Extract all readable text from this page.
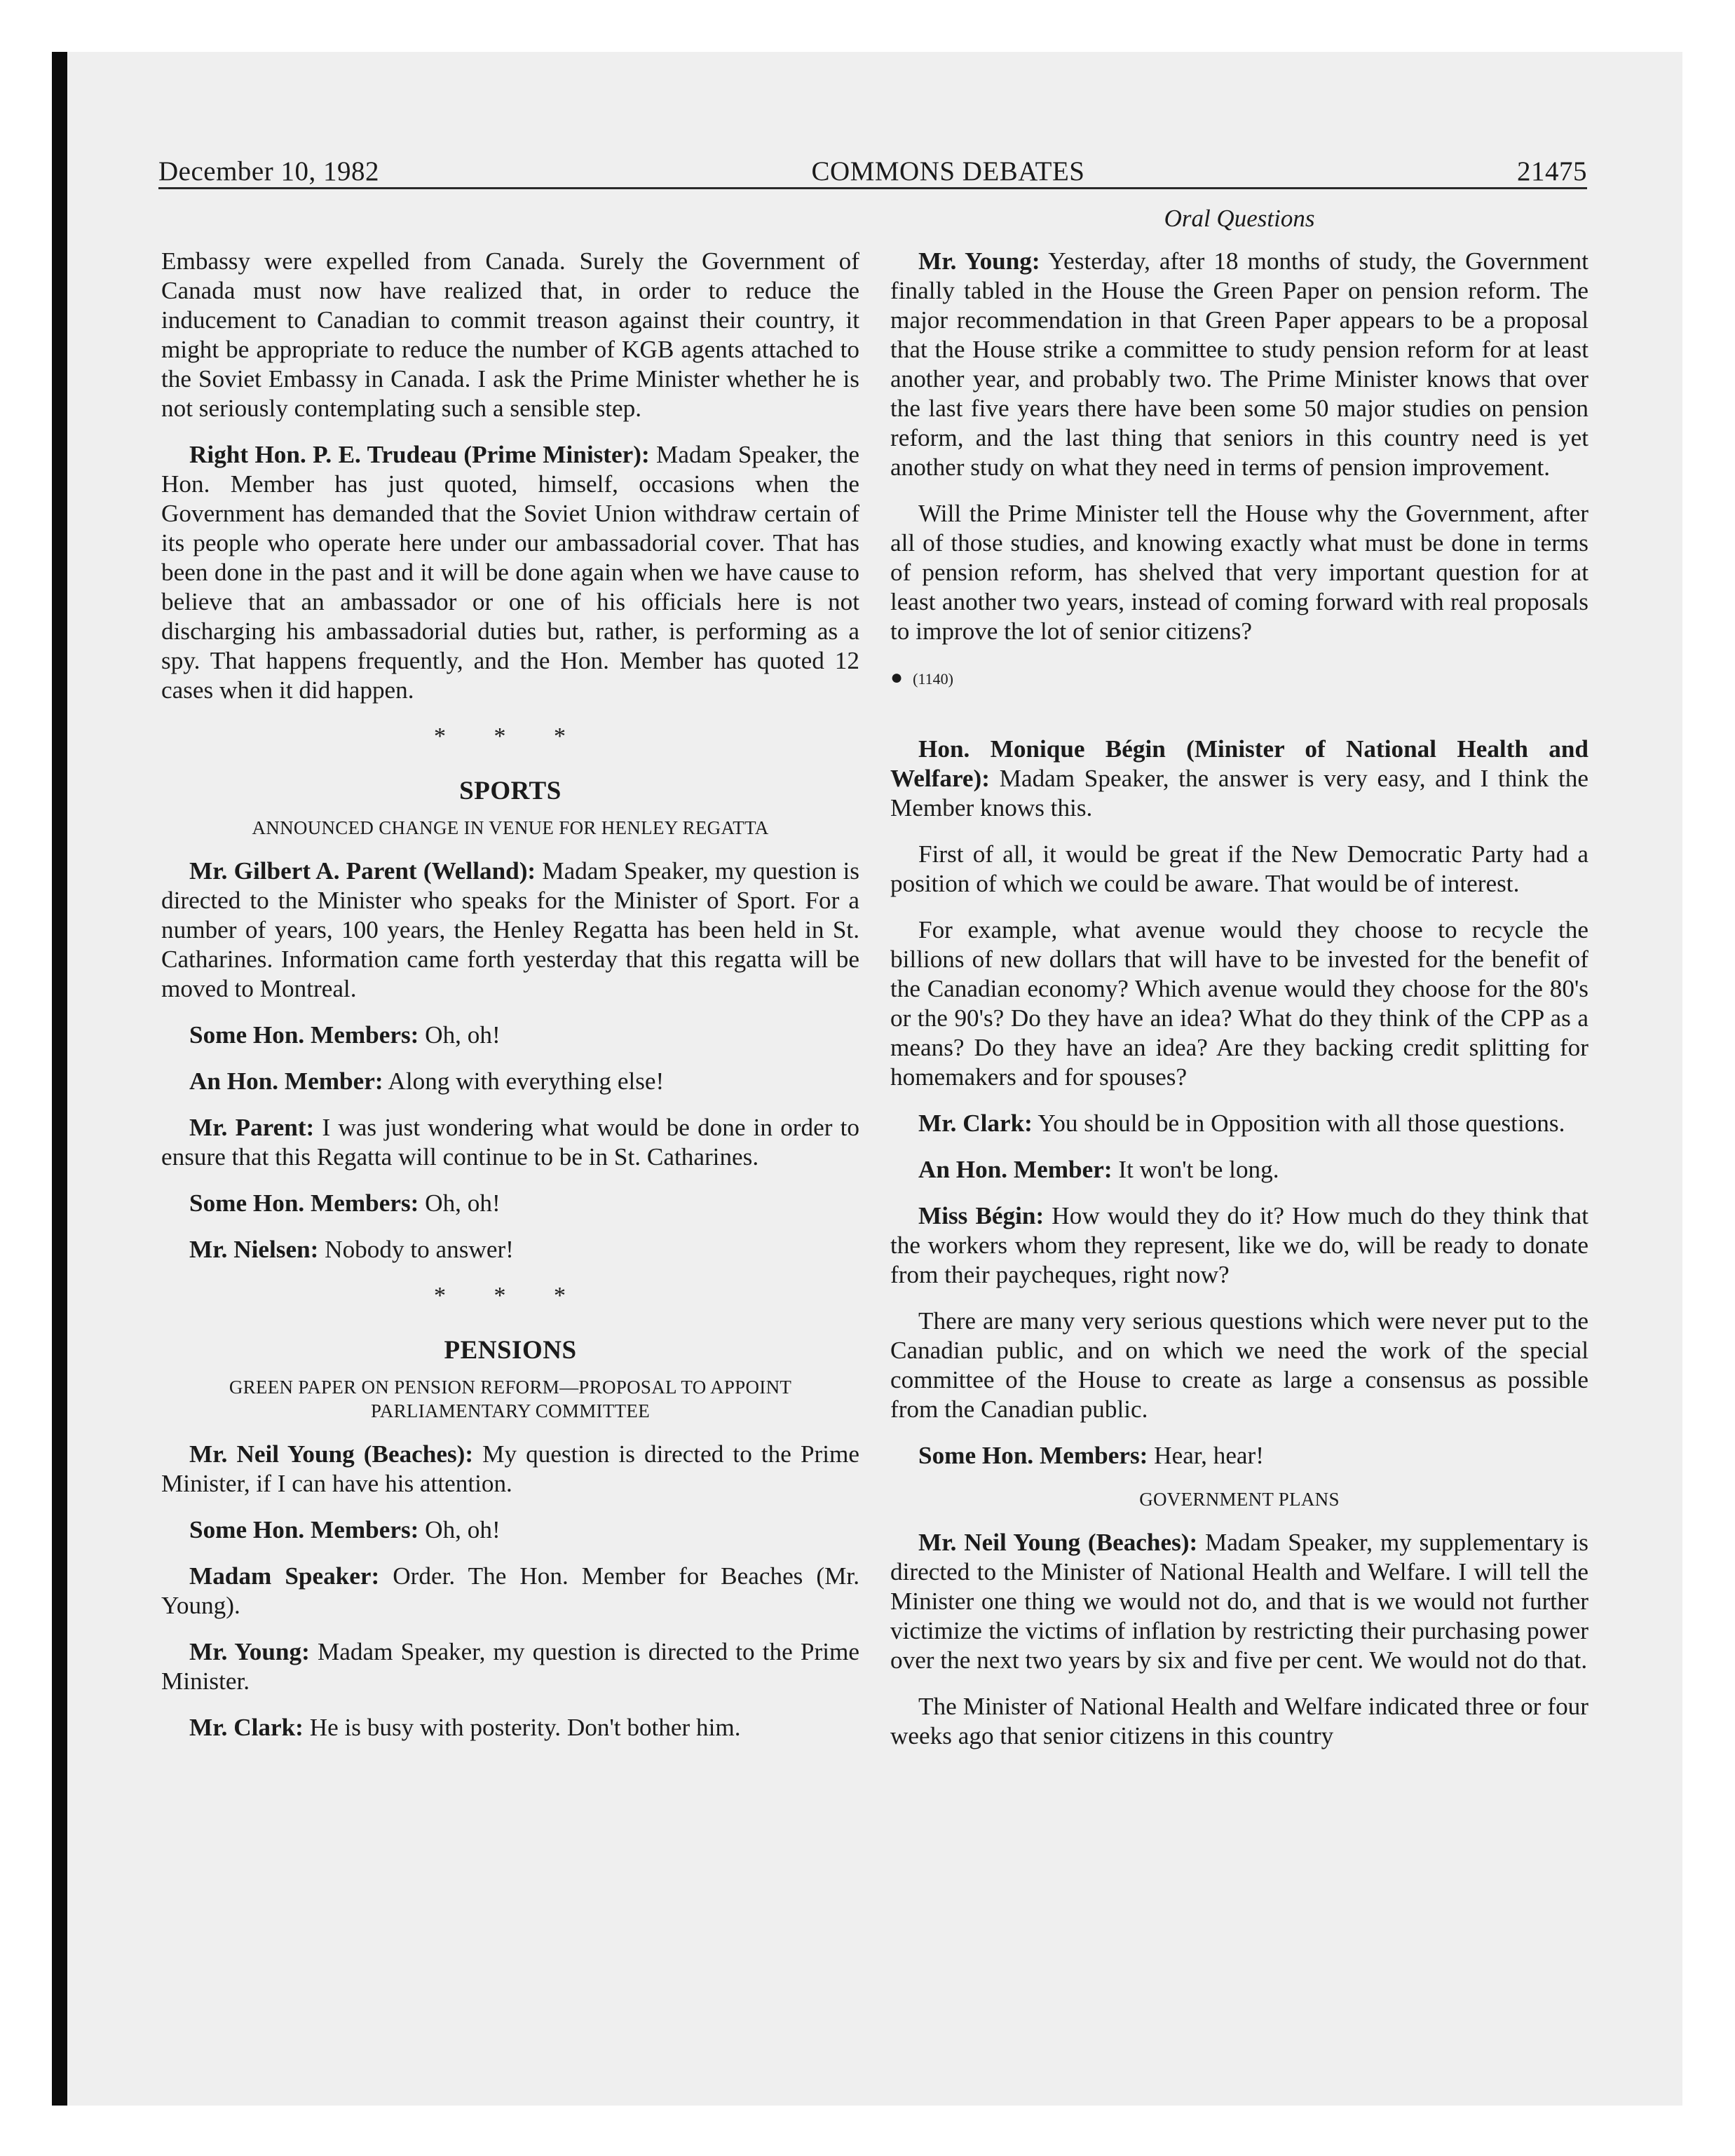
December 10, 1982	COMMONS DEBATES	21475
Oral Questions

Embassy were expelled from Canada. Surely the Government of Canada must now have realized that, in order to reduce the inducement to Canadian to commit treason against their country, it might be appropriate to reduce the number of KGB agents attached to the Soviet Embassy in Canada. I ask the Prime Minister whether he is not seriously contemplating such a sensible step.

Right Hon. P. E. Trudeau (Prime Minister): Madam Speaker, the Hon. Member has just quoted, himself, occasions when the Government has demanded that the Soviet Union withdraw certain of its people who operate here under our ambassadorial cover. That has been done in the past and it will be done again when we have cause to believe that an ambassador or one of his officials here is not discharging his ambassadorial duties but, rather, is performing as a spy. That happens frequently, and the Hon. Member has quoted 12 cases when it did happen.

* * *
SPORTS
ANNOUNCED CHANGE IN VENUE FOR HENLEY REGATTA

Mr. Gilbert A. Parent (Welland): Madam Speaker, my question is directed to the Minister who speaks for the Minister of Sport. For a number of years, 100 years, the Henley Regatta has been held in St. Catharines. Information came forth yesterday that this regatta will be moved to Montreal.

Some Hon. Members: Oh, oh!

An Hon. Member: Along with everything else!

Mr. Parent: I was just wondering what would be done in order to ensure that this Regatta will continue to be in St. Catharines.

Some Hon. Members: Oh, oh!

Mr. Nielsen: Nobody to answer!

* * *
PENSIONS
GREEN PAPER ON PENSION REFORM—PROPOSAL TO APPOINT PARLIAMENTARY COMMITTEE

Mr. Neil Young (Beaches): My question is directed to the Prime Minister, if I can have his attention.

Some Hon. Members: Oh, oh!

Madam Speaker: Order. The Hon. Member for Beaches (Mr. Young).

Mr. Young: Madam Speaker, my question is directed to the Prime Minister.

Mr. Clark: He is busy with posterity. Don't bother him.

Mr. Young: Yesterday, after 18 months of study, the Government finally tabled in the House the Green Paper on pension reform. The major recommendation in that Green Paper appears to be a proposal that the House strike a committee to study pension reform for at least another year, and probably two. The Prime Minister knows that over the last five years there have been some 50 major studies on pension reform, and the last thing that seniors in this country need is yet another study on what they need in terms of pension improvement.

Will the Prime Minister tell the House why the Government, after all of those studies, and knowing exactly what must be done in terms of pension reform, has shelved that very important question for at least another two years, instead of coming forward with real proposals to improve the lot of senior citizens?

● (1140)

Hon. Monique Bégin (Minister of National Health and Welfare): Madam Speaker, the answer is very easy, and I think the Member knows this.

First of all, it would be great if the New Democratic Party had a position of which we could be aware. That would be of interest.

For example, what avenue would they choose to recycle the billions of new dollars that will have to be invested for the benefit of the Canadian economy? Which avenue would they choose for the 80's or the 90's? Do they have an idea? What do they think of the CPP as a means? Do they have an idea? Are they backing credit splitting for homemakers and for spouses?

Mr. Clark: You should be in Opposition with all those questions.

An Hon. Member: It won't be long.

Miss Bégin: How would they do it? How much do they think that the workers whom they represent, like we do, will be ready to donate from their paycheques, right now?

There are many very serious questions which were never put to the Canadian public, and on which we need the work of the special committee of the House to create as large a consensus as possible from the Canadian public.

Some Hon. Members: Hear, hear!

GOVERNMENT PLANS

Mr. Neil Young (Beaches): Madam Speaker, my supplementary is directed to the Minister of National Health and Welfare. I will tell the Minister one thing we would not do, and that is we would not further victimize the victims of inflation by restricting their purchasing power over the next two years by six and five per cent. We would not do that.

The Minister of National Health and Welfare indicated three or four weeks ago that senior citizens in this country
